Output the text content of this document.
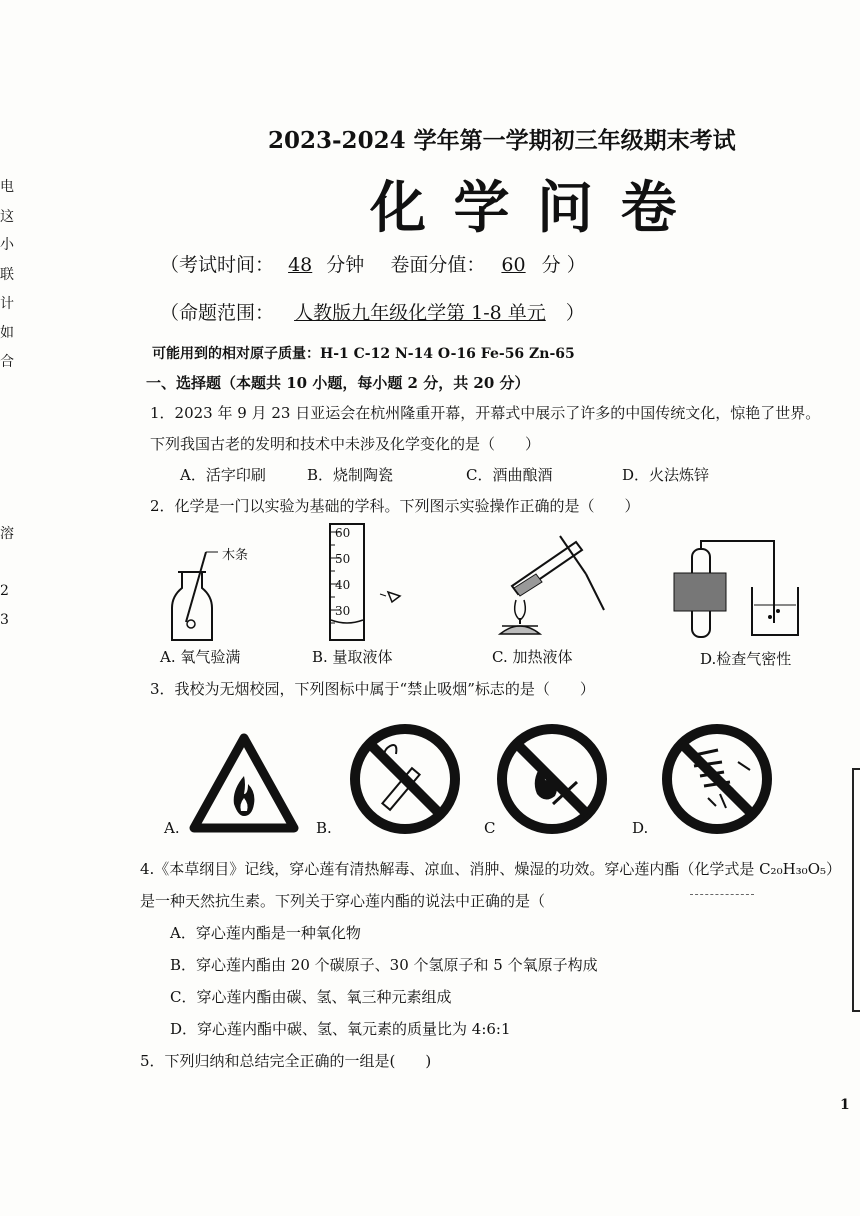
电
这
小
联
计
如
合
溶
2
3
2023-2024 学年第一学期初三年级期末考试
化 学 问 卷
（考试时间： 48 分钟 卷面分值： 60 分 ）
（命题范围： 人教版九年级化学第 1-8 单元 ）
可能用到的相对原子质量：H-1 C-12 N-14 O-16 Fe-56 Zn-65
一、选择题（本题共 10 小题，每小题 2 分，共 20 分）
1．2023 年 9 月 23 日亚运会在杭州隆重开幕，开幕式中展示了许多的中国传统文化，惊艳了世界。
下列我国古老的发明和技术中未涉及化学变化的是（　　）
A．活字印刷	B．烧制陶瓷	C．酒曲酿酒	D．火法炼锌
2．化学是一门以实验为基础的学科。下列图示实验操作正确的是（　　）
木条
A. 氧气验满
60
50
40
30
B. 量取液体	C. 加热液体	D.检查气密性
3．我校为无烟校园，下列图标中属于“禁止吸烟”标志的是（　　）
A.	B.	C	D.
4.《本草纲目》记线，穿心莲有清热解毒、凉血、消肿、燥湿的功效。穿心莲内酯（化学式是 C₂₀H₃₀O₅）
是一种天然抗生素。下列关于穿心莲内酯的说法中正确的是（
A．穿心莲内酯是一种氧化物
B．穿心莲内酯由 20 个碳原子、30 个氢原子和 5 个氧原子构成
C．穿心莲内酯由碳、氢、氧三种元素组成
D．穿心莲内酯中碳、氢、氧元素的质量比为 4:6:1
5．下列归纳和总结完全正确的一组是(　　)
1
